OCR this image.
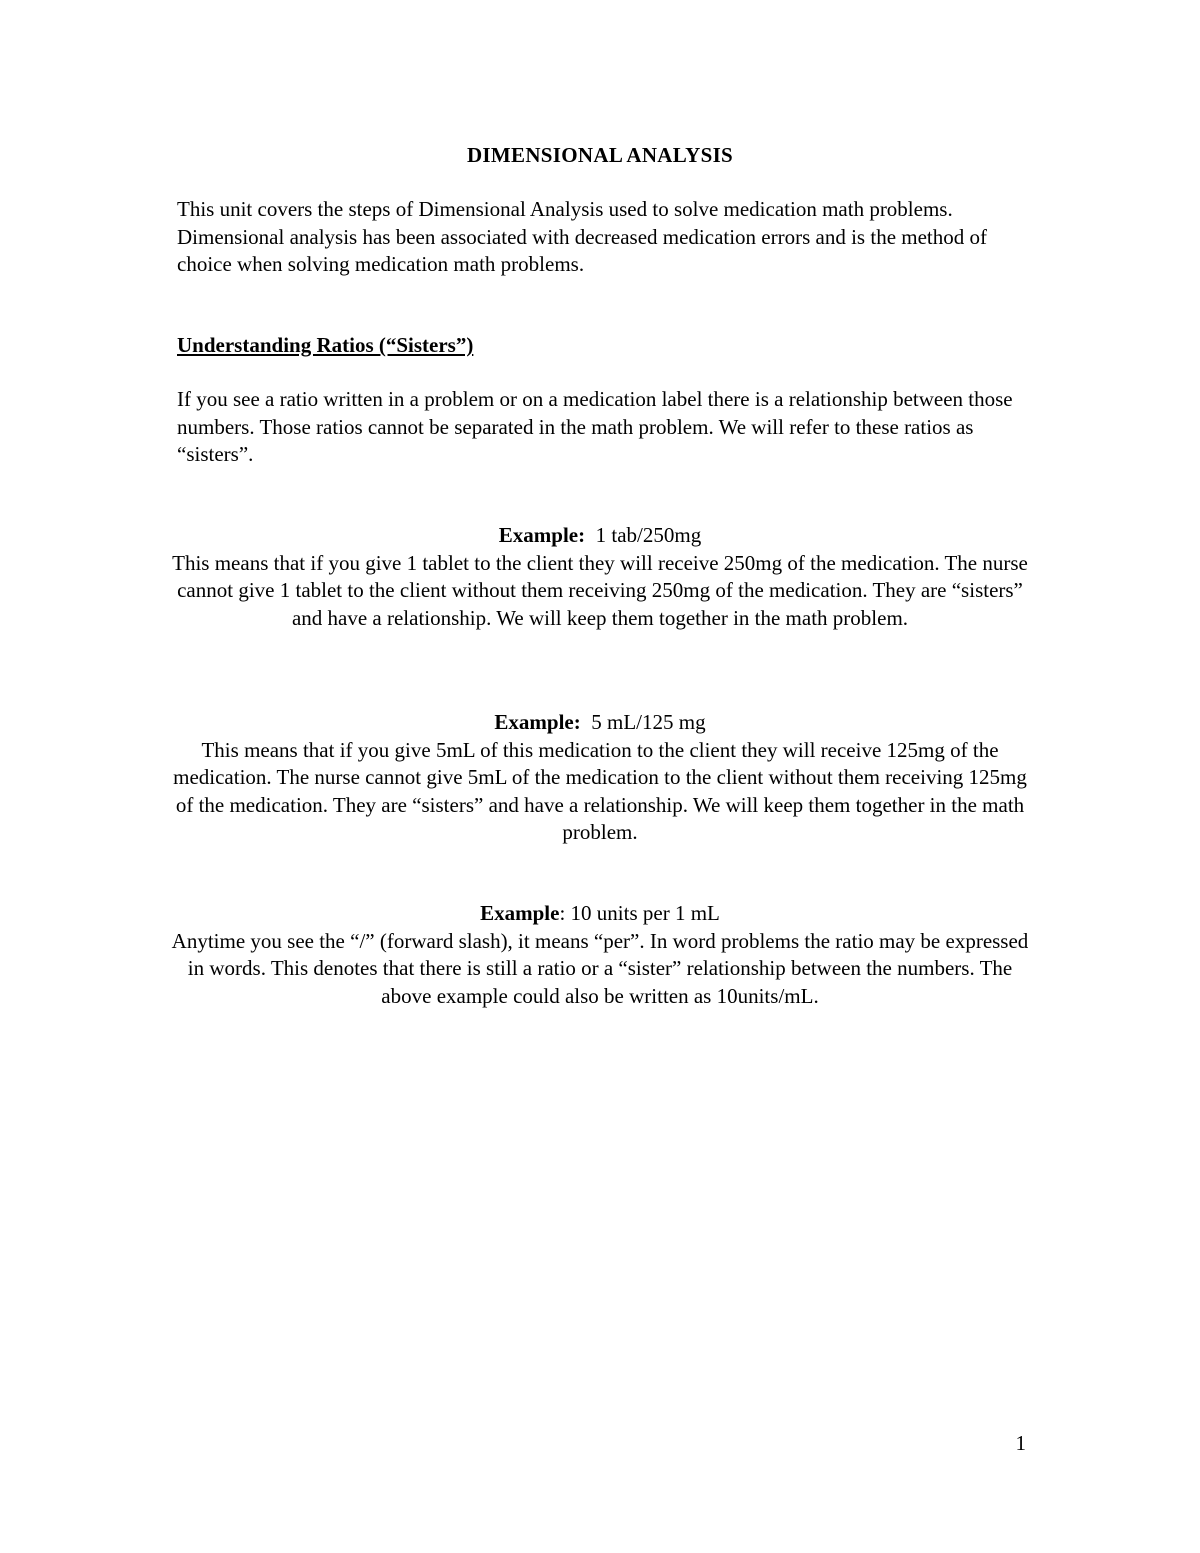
DIMENSIONAL ANALYSIS

This unit covers the steps of Dimensional Analysis used to solve medication math problems. Dimensional analysis has been associated with decreased medication errors and is the method of choice when solving medication math problems.

Understanding Ratios (“Sisters”)

If you see a ratio written in a problem or on a medication label there is a relationship between those numbers. Those ratios cannot be separated in the math problem. We will refer to these ratios as “sisters”.

Example: 1 tab/250mg

This means that if you give 1 tablet to the client they will receive 250mg of the medication. The nurse cannot give 1 tablet to the client without them receiving 250mg of the medication. They are “sisters” and have a relationship. We will keep them together in the math problem.

Example: 5 mL/125 mg

This means that if you give 5mL of this medication to the client they will receive 125mg of the medication. The nurse cannot give 5mL of the medication to the client without them receiving 125mg of the medication. They are “sisters” and have a relationship. We will keep them together in the math problem.

Example: 10 units per 1 mL

Anytime you see the “/” (forward slash), it means “per”. In word problems the ratio may be expressed in words. This denotes that there is still a ratio or a “sister” relationship between the numbers. The above example could also be written as 10units/mL.

1
